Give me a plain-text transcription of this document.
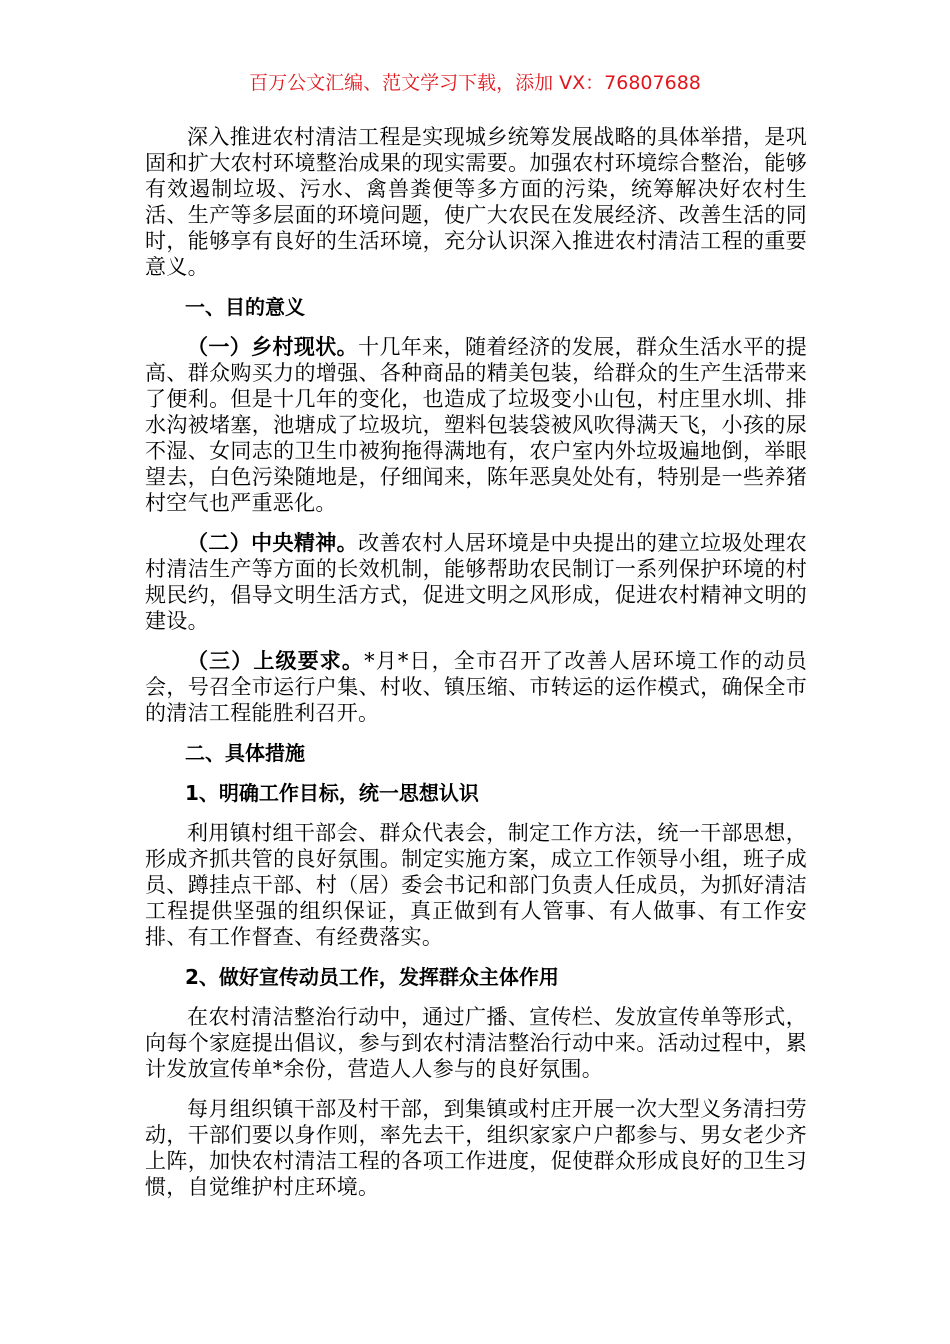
百万公文汇编、范文学习下载，添加 VX：76807688

深入推进农村清洁工程是实现城乡统筹发展战略的具体举措，是巩固和扩大农村环境整治成果的现实需要。加强农村环境综合整治，能够有效遏制垃圾、污水、禽兽粪便等多方面的污染，统筹解决好农村生活、生产等多层面的环境问题，使广大农民在发展经济、改善生活的同时，能够享有良好的生活环境，充分认识深入推进农村清洁工程的重要意义。

一、目的意义

（一）乡村现状。十几年来，随着经济的发展，群众生活水平的提高、群众购买力的增强、各种商品的精美包装，给群众的生产生活带来了便利。但是十几年的变化，也造成了垃圾变小山包，村庄里水圳、排水沟被堵塞，池塘成了垃圾坑，塑料包装袋被风吹得满天飞，小孩的尿不湿、女同志的卫生巾被狗拖得满地有，农户室内外垃圾遍地倒，举眼望去，白色污染随地是，仔细闻来，陈年恶臭处处有，特别是一些养猪村空气也严重恶化。

（二）中央精神。改善农村人居环境是中央提出的建立垃圾处理农村清洁生产等方面的长效机制，能够帮助农民制订一系列保护环境的村规民约，倡导文明生活方式，促进文明之风形成，促进农村精神文明的建设。

（三）上级要求。*月*日，全市召开了改善人居环境工作的动员会，号召全市运行户集、村收、镇压缩、市转运的运作模式，确保全市的清洁工程能胜利召开。

二、具体措施
1、明确工作目标，统一思想认识

利用镇村组干部会、群众代表会，制定工作方法，统一干部思想，形成齐抓共管的良好氛围。制定实施方案，成立工作领导小组，班子成员、蹲挂点干部、村（居）委会书记和部门负责人任成员，为抓好清洁工程提供坚强的组织保证，真正做到有人管事、有人做事、有工作安排、有工作督查、有经费落实。

2、做好宣传动员工作，发挥群众主体作用

在农村清洁整治行动中，通过广播、宣传栏、发放宣传单等形式，向每个家庭提出倡议，参与到农村清洁整治行动中来。活动过程中，累计发放宣传单*余份，营造人人参与的良好氛围。

每月组织镇干部及村干部，到集镇或村庄开展一次大型义务清扫劳动，干部们要以身作则，率先去干，组织家家户户都参与、男女老少齐上阵，加快农村清洁工程的各项工作进度，促使群众形成良好的卫生习惯，自觉维护村庄环境。
